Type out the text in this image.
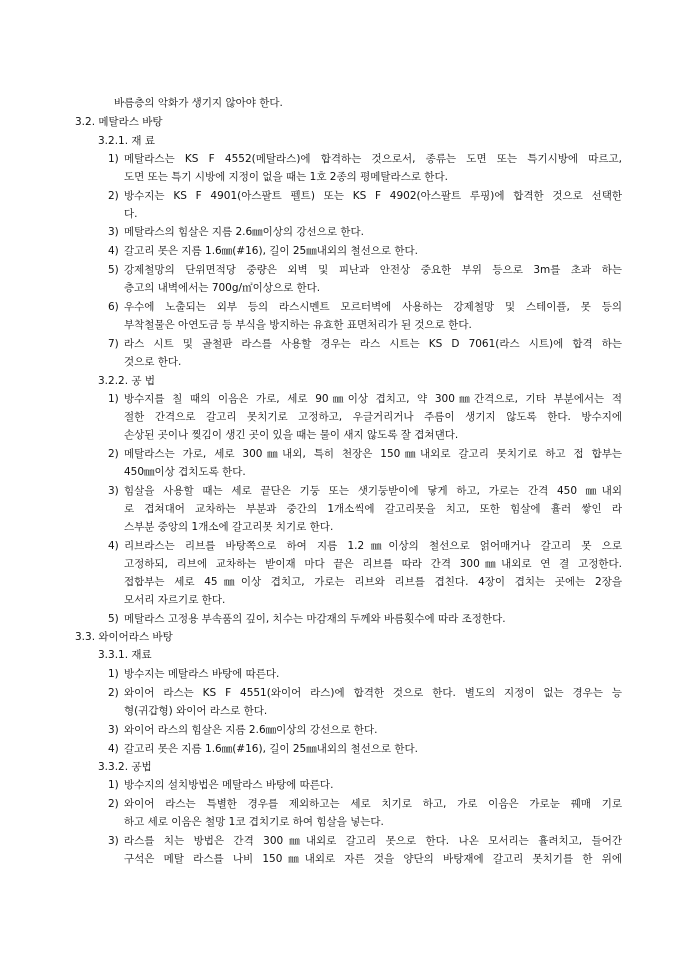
바름층의 악화가 생기지 않아야 한다.
3.2. 메탈라스 바탕
3.2.1. 재 료
1) 메탈라스는 KS F 4552(메탈라스)에 합격하는 것으로서, 종류는 도면 또는 특기시방에 따르고,
도면 또는 특기 시방에 지정이 없을 때는 1호 2종의 평메탈라스로 한다.
2) 방수지는 KS F 4901(아스팔트 펠트) 또는 KS F 4902(아스팔트 루핑)에 합격한 것으로 선택한
다.
3) 메탈라스의 힘살은 지름 2.6㎜이상의 강선으로 한다.
4) 갈고리 못은 지름 1.6㎜(#16), 길이 25㎜내외의 철선으로 한다.
5) 강제철망의 단위면적당 중량은 외벽 및 피난과 안전상 중요한 부위 등으로 3m를 초과 하는
층고의 내벽에서는 700g/㎡이상으로 한다.
6) 우수에 노출되는 외부 등의 라스시멘트 모르터벽에 사용하는 강제철망 및 스테이플, 못 등의
부착철물은 아연도금 등 부식을 방지하는 유효한 표면처리가 된 것으로 한다.
7) 라스 시트 및 골철판 라스를 사용할 경우는 라스 시트는 KS D 7061(라스 시트)에 합격 하는
것으로 한다.
3.2.2. 공 법
1) 방수지를 칠 때의 이음은 가로, 세로 90㎜이상 겹치고, 약 300㎜간격으로, 기타 부분에서는 적
절한 간격으로 갈고리 못치기로 고정하고, 우글거리거나 주름이 생기지 않도록 한다. 방수지에
손상된 곳이나 찢김이 생긴 곳이 있을 때는 물이 새지 않도록 잘 겹쳐댄다.
2) 메탈라스는 가로, 세로 300㎜내외, 특히 천장은 150㎜내외로 갈고리 못치기로 하고 접 합부는
450㎜이상 겹치도록 한다.
3) 힘살을 사용할 때는 세로 끝단은 기둥 또는 샛기둥받이에 닿게 하고, 가로는 간격 450 ㎜내외
로 겹쳐대어 교차하는 부분과 중간의 1개소씩에 갈고리못을 치고, 또한 힘살에 휼러 쌓인 라
스부분 중앙의 1개소에 갈고리못 치기로 한다.
4) 리브라스는 리브를 바탕쪽으로 하여 지름 1.2㎜이상의 철선으로 얽어매거나 갈고리 못 으로
고정하되, 리브에 교차하는 받이재 마다 끝은 리브를 따라 간격 300㎜내외로 연 결 고정한다.
접합부는 세로 45㎜이상 겹치고, 가로는 리브와 리브를 겹친다. 4장이 겹치는 곳에는 2장을
모서리 자르기로 한다.
5) 메탈라스 고정용 부속품의 깊이, 치수는 마감재의 두께와 바름횟수에 따라 조정한다.
3.3. 와이어라스 바탕
3.3.1. 재료
1) 방수지는 메탈라스 바탕에 따른다.
2) 와이어 라스는 KS F 4551(와이어 라스)에 합격한 것으로 한다. 별도의 지정이 없는 경우는 능
형(귀갑형) 와이어 라스로 한다.
3) 와이어 라스의 힘살은 지름 2.6㎜이상의 강선으로 한다.
4) 갈고리 못은 지름 1.6㎜(#16), 길이 25㎜내외의 철선으로 한다.
3.3.2. 공법
1) 방수지의 설치방법은 메탈라스 바탕에 따른다.
2) 와이어 라스는 특별한 경우를 제외하고는 세로 치기로 하고, 가로 이음은 가로눈 꿰매 기로
하고 세로 이음은 철망 1코 겹치기로 하여 힘살을 넣는다.
3) 라스를 치는 방법은 간격 300㎜내외로 갈고리 못으로 한다. 나온 모서리는 휼려치고, 들어간
구석은 메탈 라스를 나비 150㎜내외로 자른 것을 양단의 바탕재에 갈고리 못치기를 한 위에
